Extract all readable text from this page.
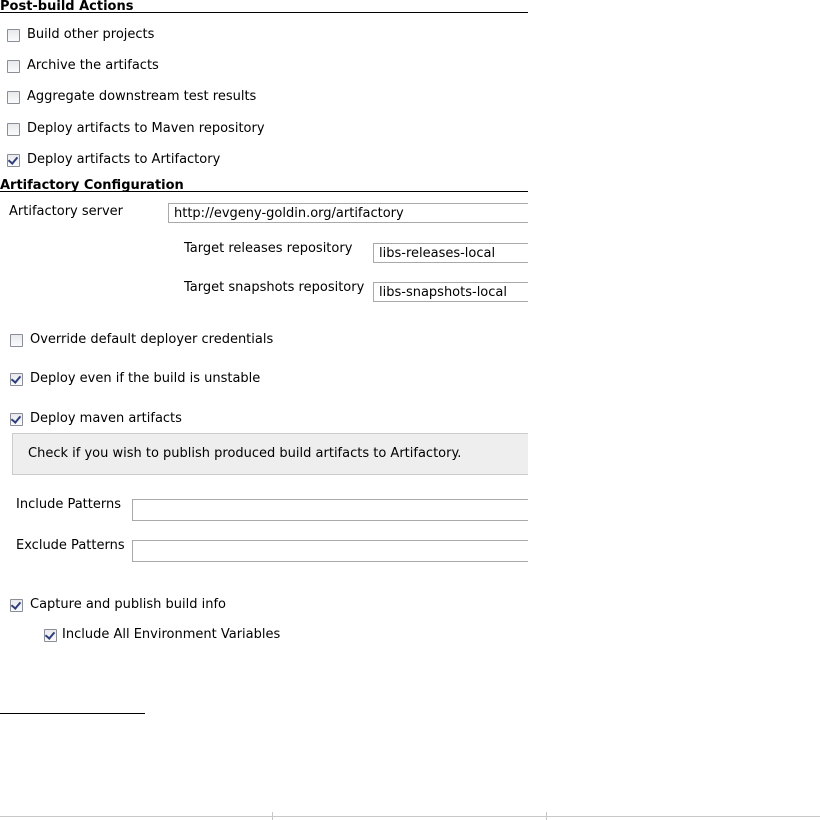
Post-build Actions
Build other projects
Archive the artifacts
Aggregate downstream test results
Deploy artifacts to Maven repository
Deploy artifacts to Artifactory
Artifactory Configuration
Artifactory server	http://evgeny-goldin.org/artifactory
Target releases repository	libs-releases-local
Target snapshots repository	libs-snapshots-local
Override default deployer credentials
Deploy even if the build is unstable
Deploy maven artifacts
Check if you wish to publish produced build artifacts to Artifactory.
Include Patterns
Exclude Patterns
Capture and publish build info
Include All Environment Variables
